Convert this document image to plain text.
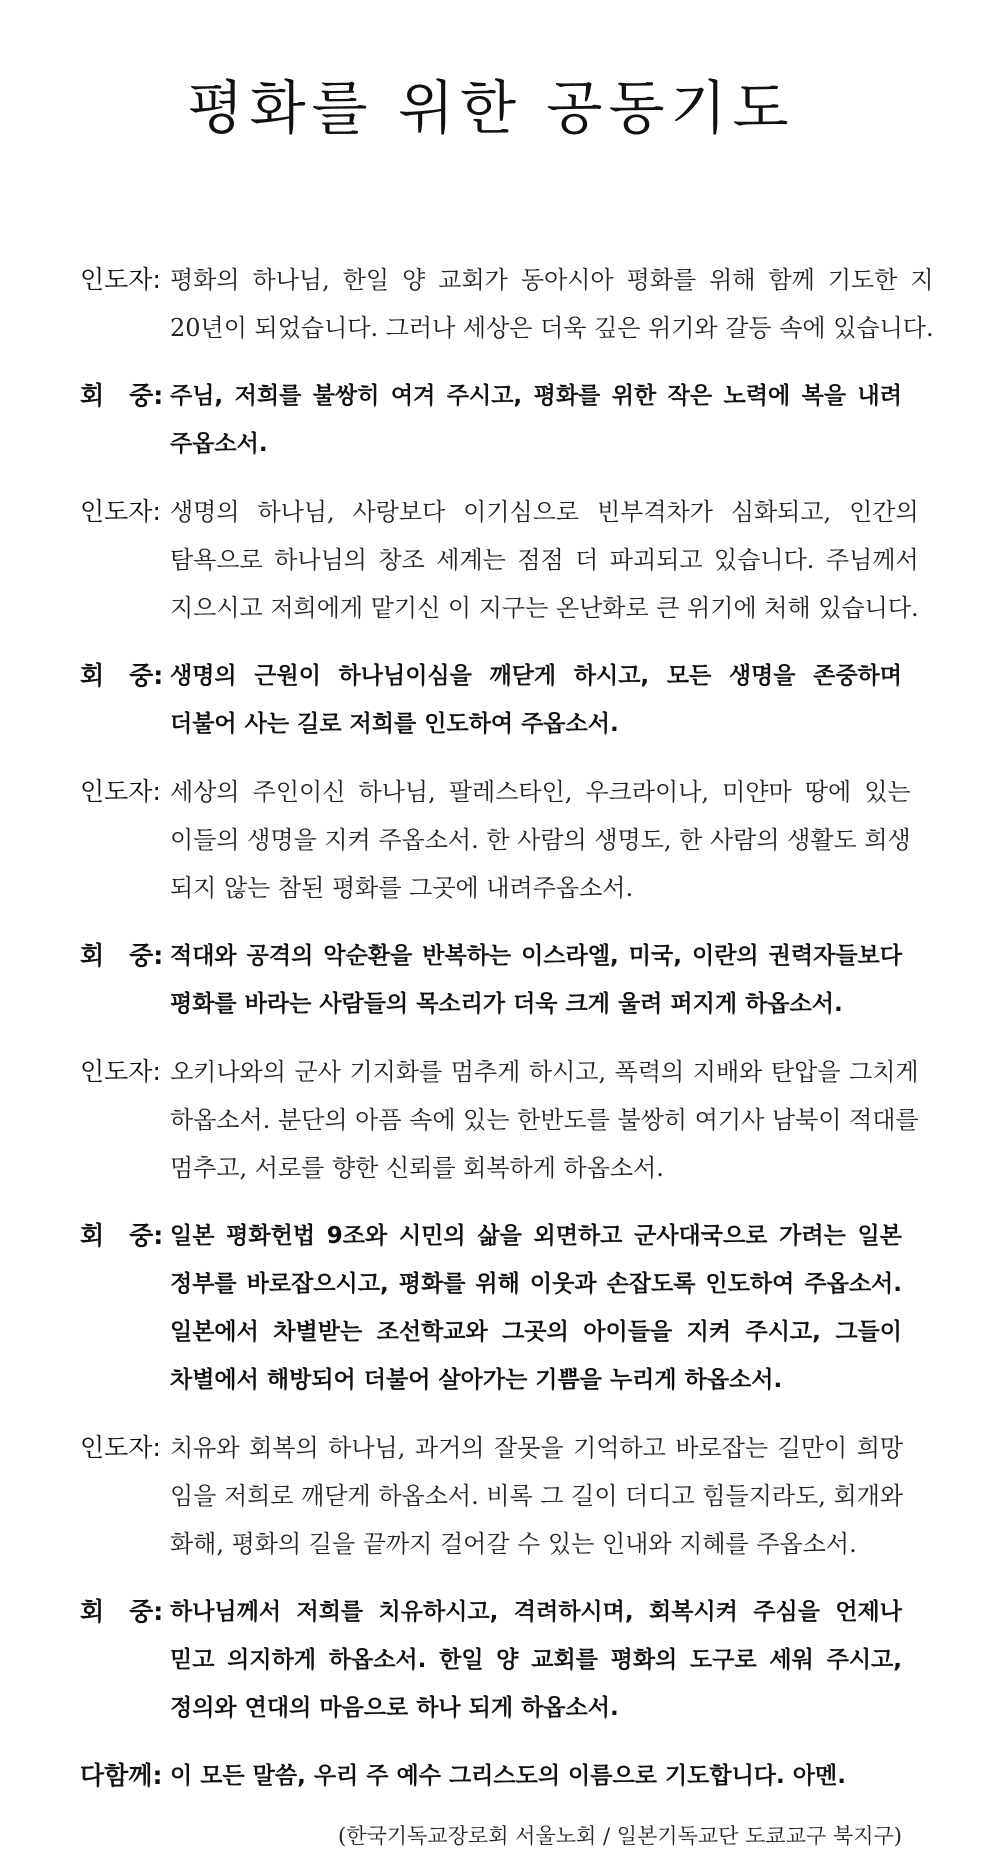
평화를 위한 공동기도
인도자: 평화의 하나님, 한일 양 교회가 동아시아 평화를 위해 함께 기도한 지
20년이 되었습니다. 그러나 세상은 더욱 깊은 위기와 갈등 속에 있습니다.
회　중: 주님, 저희를 불쌍히 여겨 주시고, 평화를 위한 작은 노력에 복을 내려
주옵소서.
인도자: 생명의 하나님, 사랑보다 이기심으로 빈부격차가 심화되고, 인간의
탐욕으로 하나님의 창조 세계는 점점 더 파괴되고 있습니다. 주님께서
지으시고 저희에게 맡기신 이 지구는 온난화로 큰 위기에 처해 있습니다.
회　중: 생명의 근원이 하나님이심을 깨닫게 하시고, 모든 생명을 존중하며
더불어 사는 길로 저희를 인도하여 주옵소서.
인도자: 세상의 주인이신 하나님, 팔레스타인, 우크라이나, 미얀마 땅에 있는
이들의 생명을 지켜 주옵소서. 한 사람의 생명도, 한 사람의 생활도 희생
되지 않는 참된 평화를 그곳에 내려주옵소서.
회　중: 적대와 공격의 악순환을 반복하는 이스라엘, 미국, 이란의 권력자들보다
평화를 바라는 사람들의 목소리가 더욱 크게 울려 퍼지게 하옵소서.
인도자: 오키나와의 군사 기지화를 멈추게 하시고, 폭력의 지배와 탄압을 그치게
하옵소서. 분단의 아픔 속에 있는 한반도를 불쌍히 여기사 남북이 적대를
멈추고, 서로를 향한 신뢰를 회복하게 하옵소서.
회　중: 일본 평화헌법 9조와 시민의 삶을 외면하고 군사대국으로 가려는 일본
정부를 바로잡으시고, 평화를 위해 이웃과 손잡도록 인도하여 주옵소서.
일본에서 차별받는 조선학교와 그곳의 아이들을 지켜 주시고, 그들이
차별에서 해방되어 더불어 살아가는 기쁨을 누리게 하옵소서.
인도자: 치유와 회복의 하나님, 과거의 잘못을 기억하고 바로잡는 길만이 희망
임을 저희로 깨닫게 하옵소서. 비록 그 길이 더디고 힘들지라도, 회개와
화해, 평화의 길을 끝까지 걸어갈 수 있는 인내와 지혜를 주옵소서.
회　중: 하나님께서 저희를 치유하시고, 격려하시며, 회복시켜 주심을 언제나
믿고 의지하게 하옵소서. 한일 양 교회를 평화의 도구로 세워 주시고,
정의와 연대의 마음으로 하나 되게 하옵소서.
다함께: 이 모든 말씀, 우리 주 예수 그리스도의 이름으로 기도합니다. 아멘.
(한국기독교장로회 서울노회 / 일본기독교단 도쿄교구 북지구)
